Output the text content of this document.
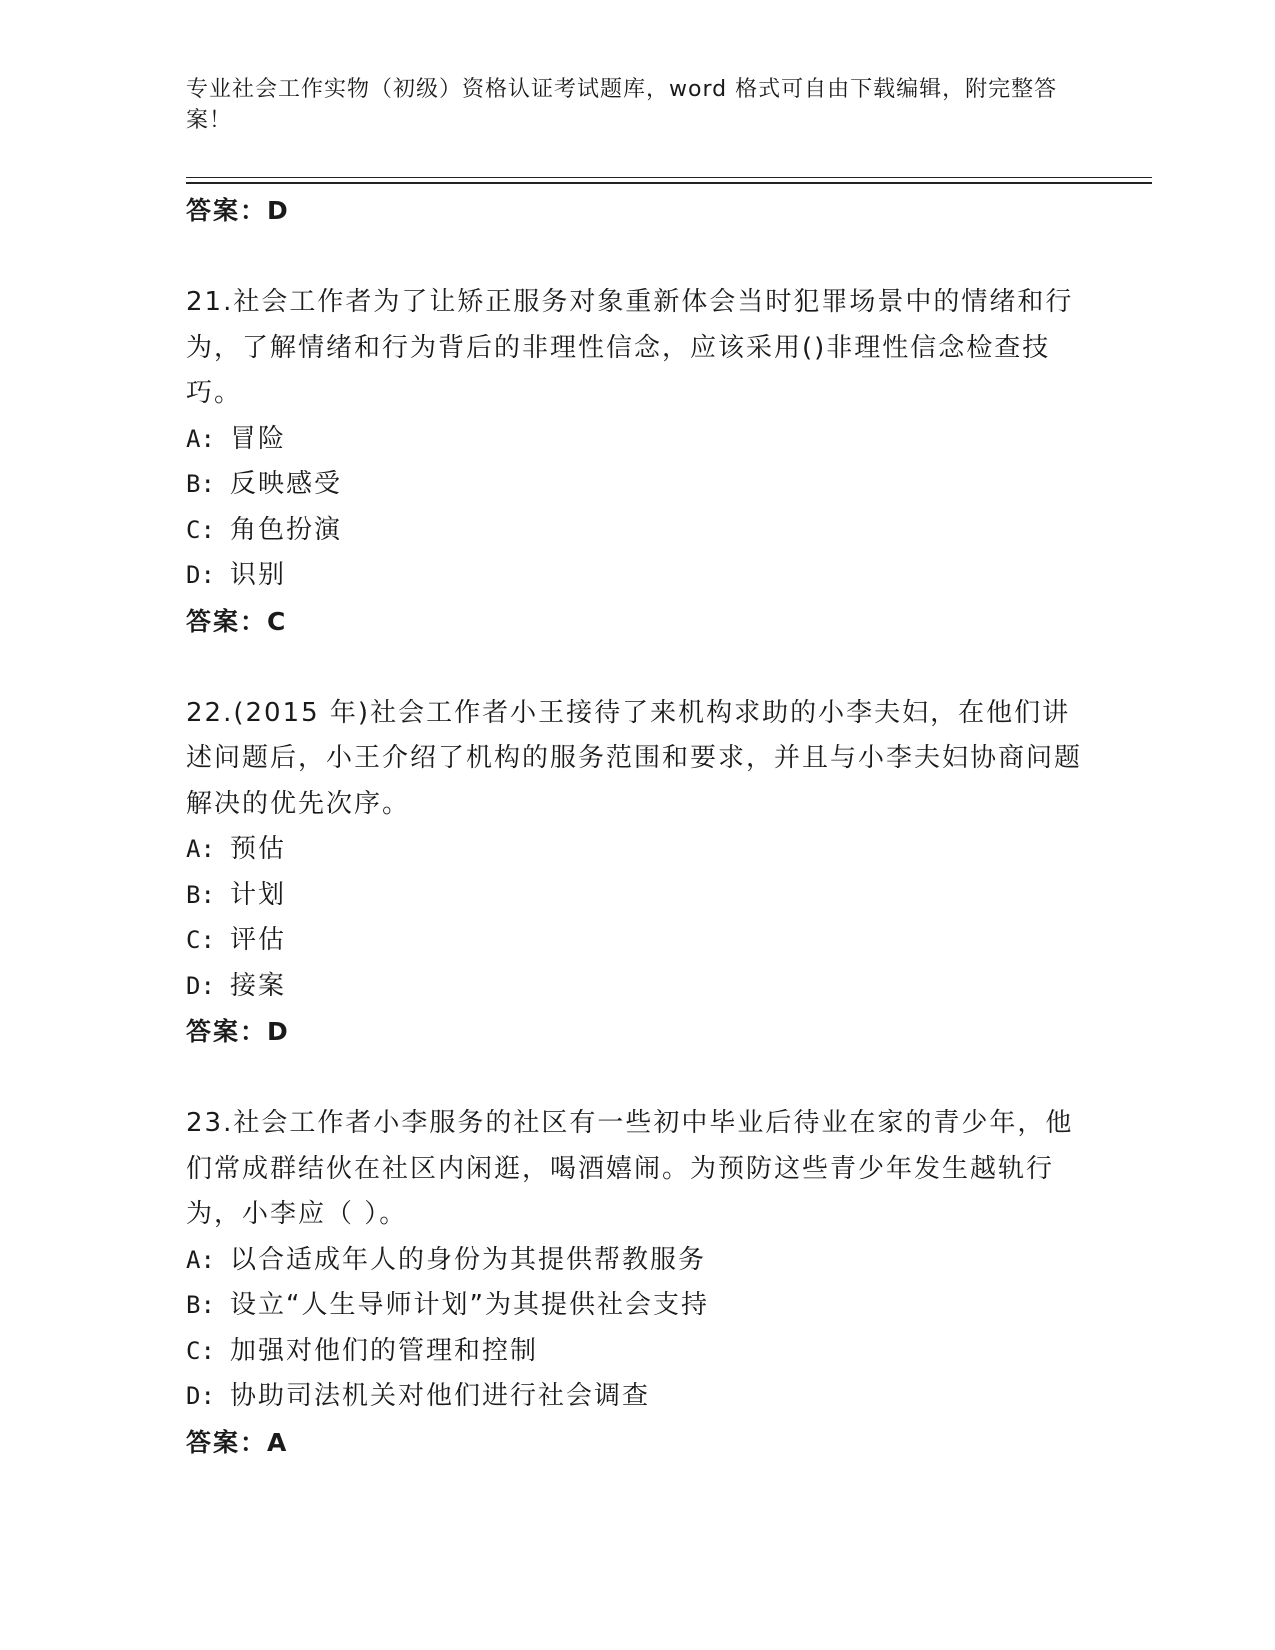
专业社会工作实物（初级）资格认证考试题库，word 格式可自由下载编辑，附完整答案！

答案：D

21.社会工作者为了让矫正服务对象重新体会当时犯罪场景中的情绪和行为，了解情绪和行为背后的非理性信念，应该采用()非理性信念检查技巧。

A: 冒险

B: 反映感受

C: 角色扮演

D: 识别

答案：C

22.(2015 年)社会工作者小王接待了来机构求助的小李夫妇，在他们讲述问题后，小王介绍了机构的服务范围和要求，并且与小李夫妇协商问题解决的优先次序。

A: 预估

B: 计划

C: 评估

D: 接案

答案：D

23.社会工作者小李服务的社区有一些初中毕业后待业在家的青少年，他们常成群结伙在社区内闲逛，喝酒嬉闹。为预防这些青少年发生越轨行为，小李应（ ）。

A: 以合适成年人的身份为其提供帮教服务

B: 设立“人生导师计划”为其提供社会支持

C: 加强对他们的管理和控制

D: 协助司法机关对他们进行社会调查

答案：A
